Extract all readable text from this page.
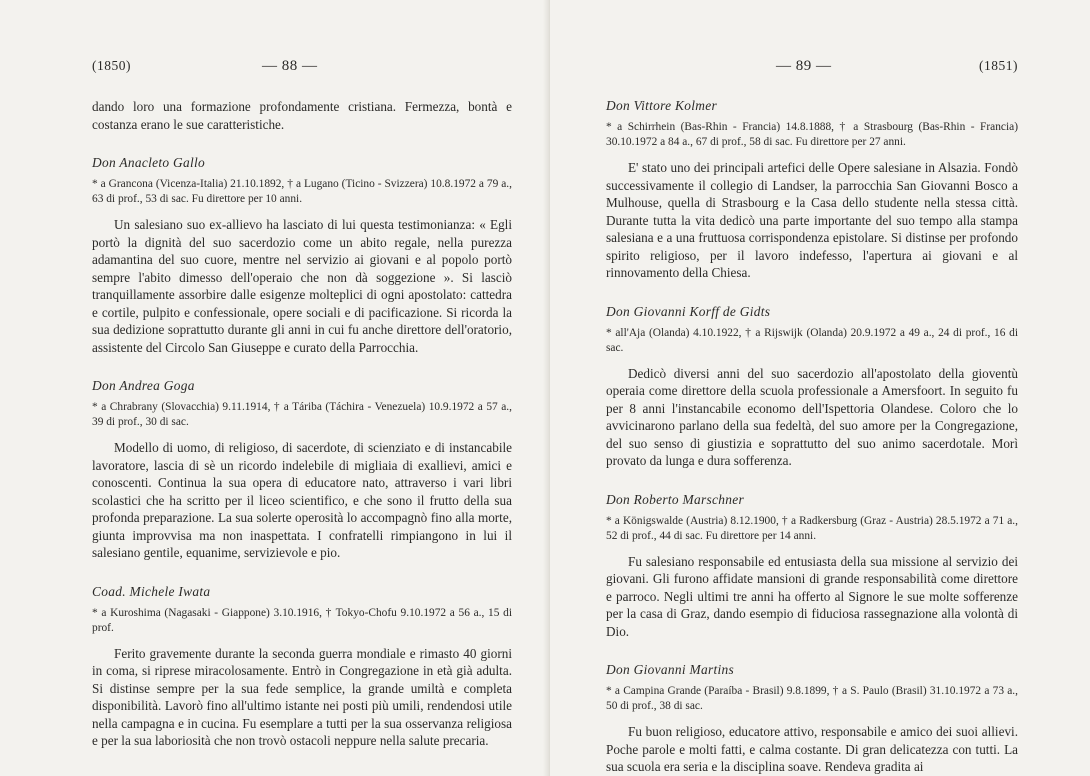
(1850)	— 88 —

dando loro una formazione profondamente cristiana. Fermezza, bontà e costanza erano le sue caratteristiche.

Don Anacleto Gallo

* a Grancona (Vicenza-Italia) 21.10.1892, † a Lugano (Ticino - Svizzera) 10.8.1972 a 79 a., 63 di prof., 53 di sac. Fu direttore per 10 anni.

Un salesiano suo ex-allievo ha lasciato di lui questa testimonianza: « Egli portò la dignità del suo sacerdozio come un abito regale, nella purezza adamantina del suo cuore, mentre nel servizio ai giovani e al popolo portò sempre l'abito dimesso dell'operaio che non dà soggezione ». Si lasciò tranquillamente assorbire dalle esigenze molteplici di ogni apostolato: cattedra e cortile, pulpito e confessionale, opere sociali e di pacificazione. Si ricorda la sua dedizione soprattutto durante gli anni in cui fu anche direttore dell'oratorio, assistente del Circolo San Giuseppe e curato della Parrocchia.

Don Andrea Goga

* a Chrabrany (Slovacchia) 9.11.1914, † a Táriba (Táchira - Venezuela) 10.9.1972 a 57 a., 39 di prof., 30 di sac.

Modello di uomo, di religioso, di sacerdote, di scienziato e di instancabile lavoratore, lascia di sè un ricordo indelebile di migliaia di exallievi, amici e conoscenti. Continua la sua opera di educatore nato, attraverso i vari libri scolastici che ha scritto per il liceo scientifico, e che sono il frutto della sua profonda preparazione. La sua solerte operosità lo accompagnò fino alla morte, giunta improvvisa ma non inaspettata. I confratelli rimpiangono in lui il salesiano gentile, equanime, servizievole e pio.

Coad. Michele Iwata

* a Kuroshima (Nagasaki - Giappone) 3.10.1916, † Tokyo-Chofu 9.10.1972 a 56 a., 15 di prof.

Ferito gravemente durante la seconda guerra mondiale e rimasto 40 giorni in coma, si riprese miracolosamente. Entrò in Congregazione in età già adulta. Si distinse sempre per la sua fede semplice, la grande umiltà e completa disponibilità. Lavorò fino all'ultimo istante nei posti più umili, rendendosi utile nella campagna e in cucina. Fu esemplare a tutti per la sua osservanza religiosa e per la sua laboriosità che non trovò ostacoli neppure nella salute precaria.

— 89 —	(1851)
Don Vittore Kolmer

* a Schirrhein (Bas-Rhin - Francia) 14.8.1888, † a Strasbourg (Bas-Rhin - Francia) 30.10.1972 a 84 a., 67 di prof., 58 di sac. Fu direttore per 27 anni.

E' stato uno dei principali artefici delle Opere salesiane in Alsazia. Fondò successivamente il collegio di Landser, la parrocchia San Giovanni Bosco a Mulhouse, quella di Strasbourg e la Casa dello studente nella stessa città. Durante tutta la vita dedicò una parte importante del suo tempo alla stampa salesiana e a una fruttuosa corrispondenza epistolare. Si distinse per profondo spirito religioso, per il lavoro indefesso, l'apertura ai giovani e al rinnovamento della Chiesa.

Don Giovanni Korff de Gidts

* all'Aja (Olanda) 4.10.1922, † a Rijswijk (Olanda) 20.9.1972 a 49 a., 24 di prof., 16 di sac.

Dedicò diversi anni del suo sacerdozio all'apostolato della gioventù operaia come direttore della scuola professionale a Amersfoort. In seguito fu per 8 anni l'instancabile economo dell'Ispettoria Olandese. Coloro che lo avvicinarono parlano della sua fedeltà, del suo amore per la Congregazione, del suo senso di giustizia e soprattutto del suo animo sacerdotale. Morì provato da lunga e dura sofferenza.

Don Roberto Marschner

* a Königswalde (Austria) 8.12.1900, † a Radkersburg (Graz - Austria) 28.5.1972 a 71 a., 52 di prof., 44 di sac. Fu direttore per 14 anni.

Fu salesiano responsabile ed entusiasta della sua missione al servizio dei giovani. Gli furono affidate mansioni di grande responsabilità come direttore e parroco. Negli ultimi tre anni ha offerto al Signore le sue molte sofferenze per la casa di Graz, dando esempio di fiduciosa rassegnazione alla volontà di Dio.

Don Giovanni Martins

* a Campina Grande (Paraíba - Brasil) 9.8.1899, † a S. Paulo (Brasil) 31.10.1972 a 73 a., 50 di prof., 38 di sac.

Fu buon religioso, educatore attivo, responsabile e amico dei suoi allievi. Poche parole e molti fatti, e calma costante. Di gran delicatezza con tutti. La sua scuola era seria e la disciplina soave. Rendeva gradita ai
